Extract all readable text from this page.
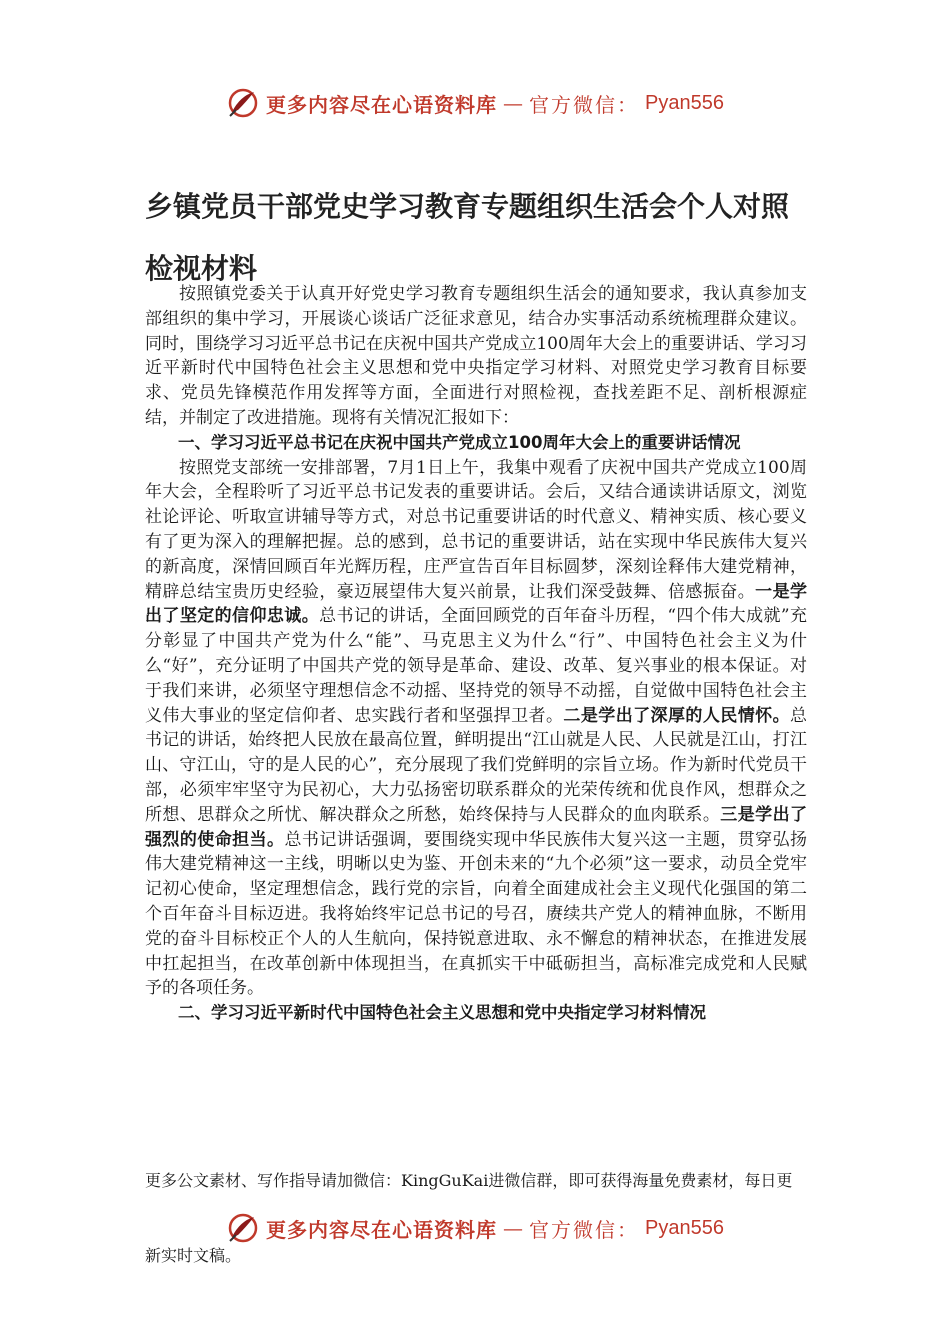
更多内容尽在心语资料库 — 官方微信： Pyan556
乡镇党员干部党史学习教育专题组织生活会个人对照检视材料

按照镇党委关于认真开好党史学习教育专题组织生活会的通知要求，我认真参加支部组织的集中学习，开展谈心谈话广泛征求意见，结合办实事活动系统梳理群众建议。同时，围绕学习习近平总书记在庆祝中国共产党成立100周年大会上的重要讲话、学习习近平新时代中国特色社会主义思想和党中央指定学习材料、对照党史学习教育目标要求、党员先锋模范作用发挥等方面，全面进行对照检视，查找差距不足、剖析根源症结，并制定了改进措施。现将有关情况汇报如下：

一、学习习近平总书记在庆祝中国共产党成立100周年大会上的重要讲话情况

按照党支部统一安排部署，7月1日上午，我集中观看了庆祝中国共产党成立100周年大会，全程聆听了习近平总书记发表的重要讲话。会后，又结合通读讲话原文，浏览社论评论、听取宣讲辅导等方式，对总书记重要讲话的时代意义、精神实质、核心要义有了更为深入的理解把握。总的感到，总书记的重要讲话，站在实现中华民族伟大复兴的新高度，深情回顾百年光辉历程，庄严宣告百年目标圆梦，深刻诠释伟大建党精神，精辟总结宝贵历史经验，豪迈展望伟大复兴前景，让我们深受鼓舞、倍感振奋。一是学出了坚定的信仰忠诚。总书记的讲话，全面回顾党的百年奋斗历程，“四个伟大成就”充分彰显了中国共产党为什么“能”、马克思主义为什么“行”、中国特色社会主义为什么“好”，充分证明了中国共产党的领导是革命、建设、改革、复兴事业的根本保证。对于我们来讲，必须坚守理想信念不动摇、坚持党的领导不动摇，自觉做中国特色社会主义伟大事业的坚定信仰者、忠实践行者和坚强捍卫者。二是学出了深厚的人民情怀。总书记的讲话，始终把人民放在最高位置，鲜明提出“江山就是人民、人民就是江山，打江山、守江山，守的是人民的心”，充分展现了我们党鲜明的宗旨立场。作为新时代党员干部，必须牢牢坚守为民初心，大力弘扬密切联系群众的光荣传统和优良作风，想群众之所想、思群众之所忧、解决群众之所愁，始终保持与人民群众的血肉联系。三是学出了强烈的使命担当。总书记讲话强调，要围绕实现中华民族伟大复兴这一主题，贯穿弘扬伟大建党精神这一主线，明晰以史为鉴、开创未来的“九个必须”这一要求，动员全党牢记初心使命，坚定理想信念，践行党的宗旨，向着全面建成社会主义现代化强国的第二个百年奋斗目标迈进。我将始终牢记总书记的号召，赓续共产党人的精神血脉，不断用党的奋斗目标校正个人的人生航向，保持锐意进取、永不懈怠的精神状态，在推进发展中扛起担当，在改革创新中体现担当，在真抓实干中砥砺担当，高标准完成党和人民赋予的各项任务。

二、学习习近平新时代中国特色社会主义思想和党中央指定学习材料情况

更多公文素材、写作指导请加微信：KingGuKai进微信群，即可获得海量免费素材，每日更
更多内容尽在心语资料库 — 官方微信： Pyan556
新实时文稿。
